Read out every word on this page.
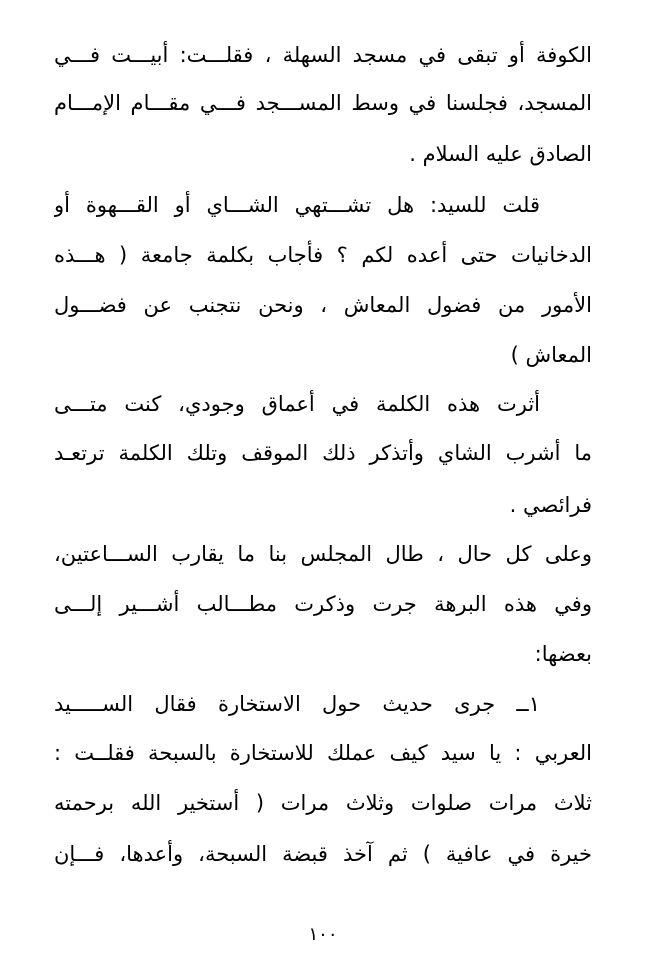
الكوفة أو تبقى في مسجد السهلة ، فقلـــت: أبيـــت فـــي
المسجد، فجلسنا في وسط المســـجد فـــي مقـــام الإمـــام
الصادق عليه السلام .
قلت للسيد: هل تشـــتهي الشـــاي أو القـــهوة أو
الدخانيات حتى أعده لكم ؟ فأجاب بكلمة جامعة ( هـــذه
الأمور من فضول المعاش ، ونحن نتجنب عن فضـــول
المعاش )
أثرت هذه الكلمة في أعماق وجودي، كنت متـــى
ما أشرب الشاي وأتذكر ذلك الموقف وتلك الكلمة ترتعـد
فرائصي .
وعلى كل حال ، طال المجلس بنا ما يقارب الســـاعتين،
وفي هذه البرهة جرت وذكرت مطـــالب أشـــير إلـــى
بعضها:
١ــ جرى حديث حول الاستخارة فقال الســـــيد
العربي : يا سيد كيف عملك للاستخارة بالسبحة فقلــت :
ثلاث مرات صلوات وثلاث مرات ( أستخير الله برحمته
خيرة في عافية ) ثم آخذ قبضة السبحة، وأعدها، فـــإن
١٠٠
